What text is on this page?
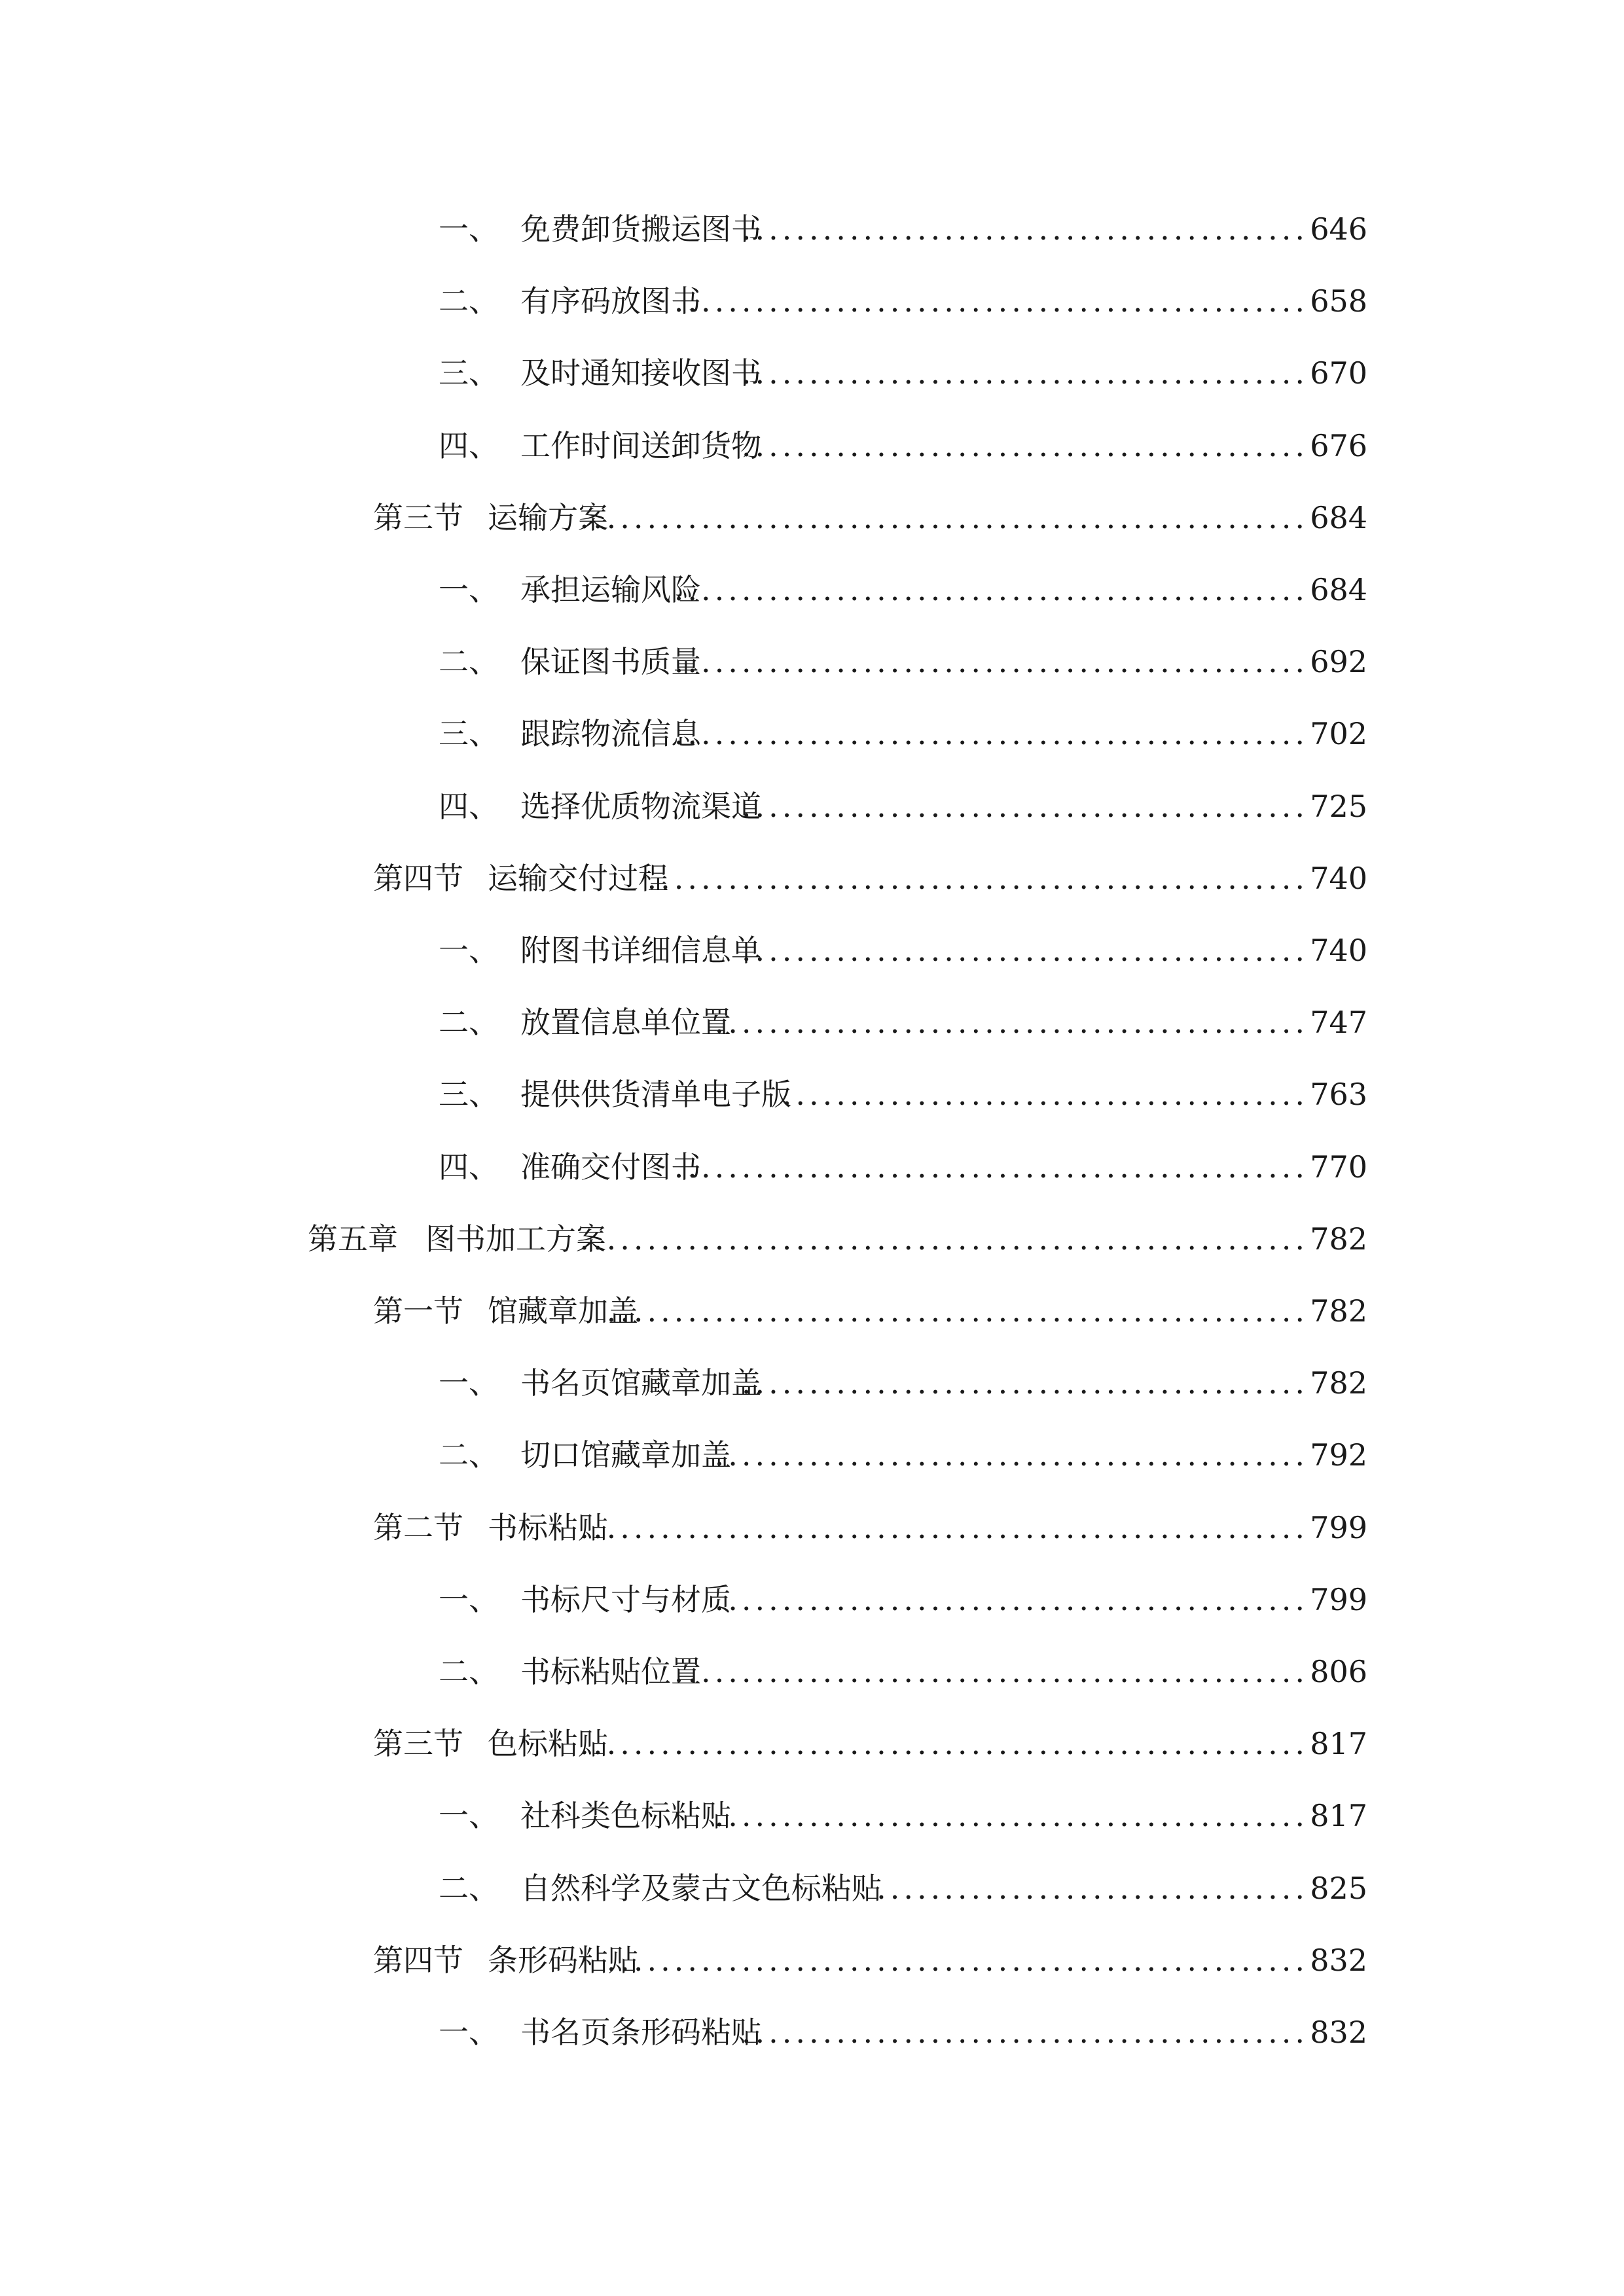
一、 免费卸货搬运图书
.......................................... 646
二、 有序码放图书
............................................... 658
三、 及时通知接收图书
.......................................... 670
四、 工作时间送卸货物
.......................................... 676
第三节 运输方案
...................................................... 684
一、 承担运输风险
............................................... 684
二、 保证图书质量
............................................... 692
三、 跟踪物流信息
............................................... 702
四、 选择优质物流渠道
.......................................... 725
第四节 运输交付过程
................................................. 740
一、 附图书详细信息单
.......................................... 740
二、 放置信息单位置
............................................ 747
三、 提供供货清单电子版
....................................... 763
四、 准确交付图书
............................................... 770
第五章 图书加工方案
...................................................... 782
第一节 馆藏章加盖
.................................................... 782
一、 书名页馆藏章加盖
.......................................... 782
二、 切口馆藏章加盖
............................................ 792
第二节 书标粘贴
...................................................... 799
一、 书标尺寸与材质
............................................ 799
二、 书标粘贴位置
............................................... 806
第三节 色标粘贴
...................................................... 817
一、 社科类色标粘贴
............................................ 817
二、 自然科学及蒙古文色标粘贴
................................ 825
第四节 条形码粘贴
.................................................... 832
一、 书名页条形码粘贴
.......................................... 832
